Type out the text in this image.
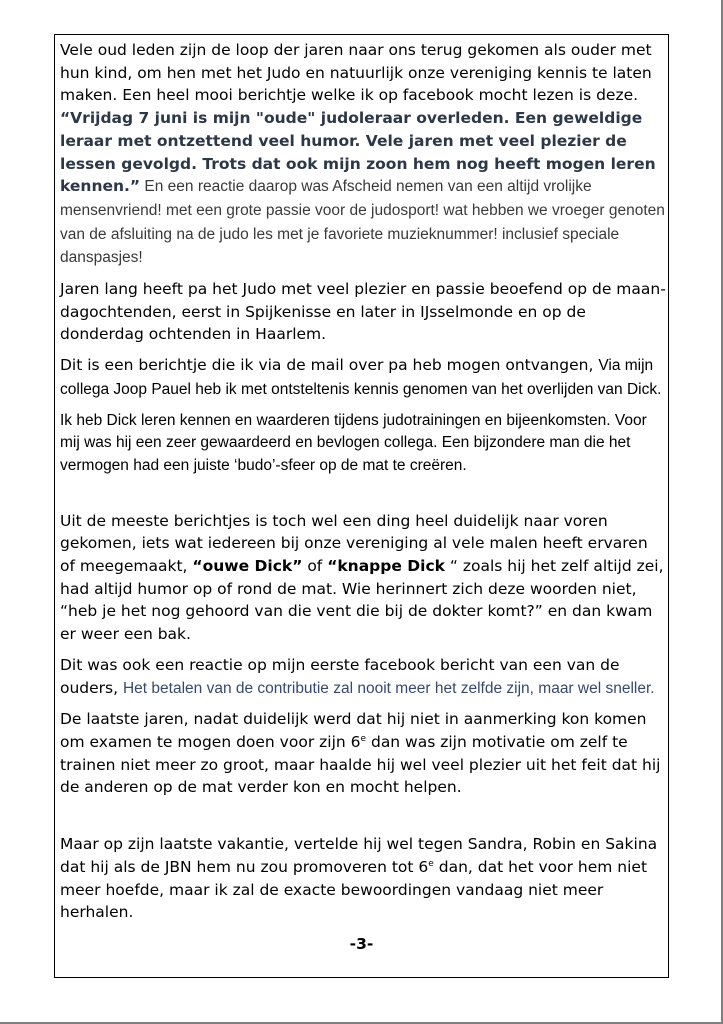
Vele oud leden zijn de loop der jaren naar ons terug gekomen als ouder met hun kind, om hen met het Judo en natuurlijk onze vereniging kennis te laten maken. Een heel mooi berichtje welke ik op facebook mocht lezen is deze. “Vrijdag 7 juni is mijn "oude" judoleraar overleden. Een geweldige leraar met ontzettend veel humor. Vele jaren met veel plezier de lessen gevolgd. Trots dat ook mijn zoon hem nog heeft mogen leren kennen.” En een reactie daarop was Afscheid nemen van een altijd vrolijke mensenvriend! met een grote passie voor de judosport! wat hebben we vroeger genoten van de afsluiting na de judo les met je favoriete muzieknummer! inclusief speciale danspasjes!

Jaren lang heeft pa het Judo met veel plezier en passie beoefend op de maandagochtenden, eerst in Spijkenisse en later in IJsselmonde en op de donderdag ochtenden in Haarlem.

Dit is een berichtje die ik via de mail over pa heb mogen ontvangen, Via mijn collega Joop Pauel heb ik met ontsteltenis kennis genomen van het overlijden van Dick.

Ik heb Dick leren kennen en waarderen tijdens judotrainingen en bijeenkomsten. Voor mij was hij een zeer gewaardeerd en bevlogen collega. Een bijzondere man die het vermogen had een juiste ‘budo’-sfeer op de mat te creëren.

Uit de meeste berichtjes is toch wel een ding heel duidelijk naar voren gekomen, iets wat iedereen bij onze vereniging al vele malen heeft ervaren of meegemaakt, “ouwe Dick” of “knappe Dick “ zoals hij het zelf altijd zei, had altijd humor op of rond de mat. Wie herinnert zich deze woorden niet, “heb je het nog gehoord van die vent die bij de dokter komt?” en dan kwam er weer een bak.

Dit was ook een reactie op mijn eerste facebook bericht van een van de ouders, Het betalen van de contributie zal nooit meer het zelfde zijn, maar wel sneller.

De laatste jaren, nadat duidelijk werd dat hij niet in aanmerking kon komen om examen te mogen doen voor zijn 6e dan was zijn motivatie om zelf te trainen niet meer zo groot, maar haalde hij wel veel plezier uit het feit dat hij de anderen op de mat verder kon en mocht helpen.

Maar op zijn laatste vakantie, vertelde hij wel tegen Sandra, Robin en Sakina dat hij als de JBN hem nu zou promoveren tot 6e dan, dat het voor hem niet meer hoefde, maar ik zal de exacte bewoordingen vandaag niet meer herhalen.

-3-
